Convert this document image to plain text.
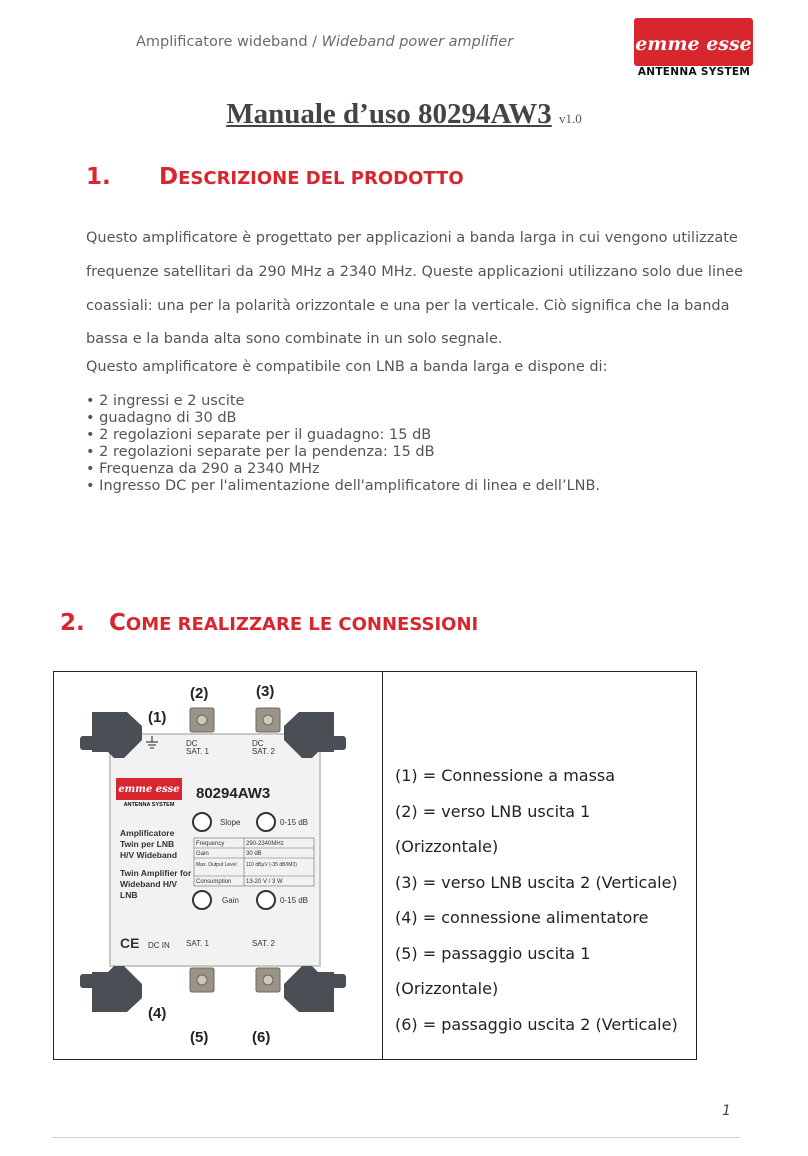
Amplificatore wideband / Wideband power amplifier	emme esse
ANTENNA SYSTEM
Manuale d’uso 80294AW3 v1.0
1. DESCRIZIONE DEL PRODOTTO
Questo amplificatore è progettato per applicazioni a banda larga in cui vengono utilizzate frequenze satellitari da 290 MHz a 2340 MHz. Queste applicazioni utilizzano solo due linee coassiali: una per la polarità orizzontale e una per la verticale. Ciò significa che la banda bassa e la banda alta sono combinate in un solo segnale.
Questo amplificatore è compatibile con LNB a banda larga e dispone di:
• 2 ingressi e 2 uscite
• guadagno di 30 dB
• 2 regolazioni separate per il guadagno: 15 dB
• 2 regolazioni separate per la pendenza: 15 dB
• Frequenza da 290 a 2340 MHz
• Ingresso DC per l'alimentazione dell'amplificatore di linea e dell’LNB.
2. COME REALIZZARE LE CONNESSIONI
(1)
(2)	(3)
(4)
(5)	(6)
DC
SAT. 1
DC
SAT. 2
SAT. 1	SAT. 2
DC IN
emme esse
ANTENNA SYSTEM
80294AW3
Slope	0-15 dB
Amplificatore
Twin per LNB
H/V Wideband
Twin Amplifier for
Wideband H/V
LNB
Frequency	290-2340MHz
Gain	30 dB
Max. Output Level 110 dBμV (-35 dB/IM3)
Consumption 13-20 V / 3 W
Gain	0-15 dB
CE
(1) = Connessione a massa
(2) = verso LNB uscita 1 (Orizzontale)
(3) = verso LNB uscita 2 (Verticale)
(4) = connessione alimentatore
(5) = passaggio uscita 1 (Orizzontale)
(6) = passaggio uscita 2 (Verticale)
1
